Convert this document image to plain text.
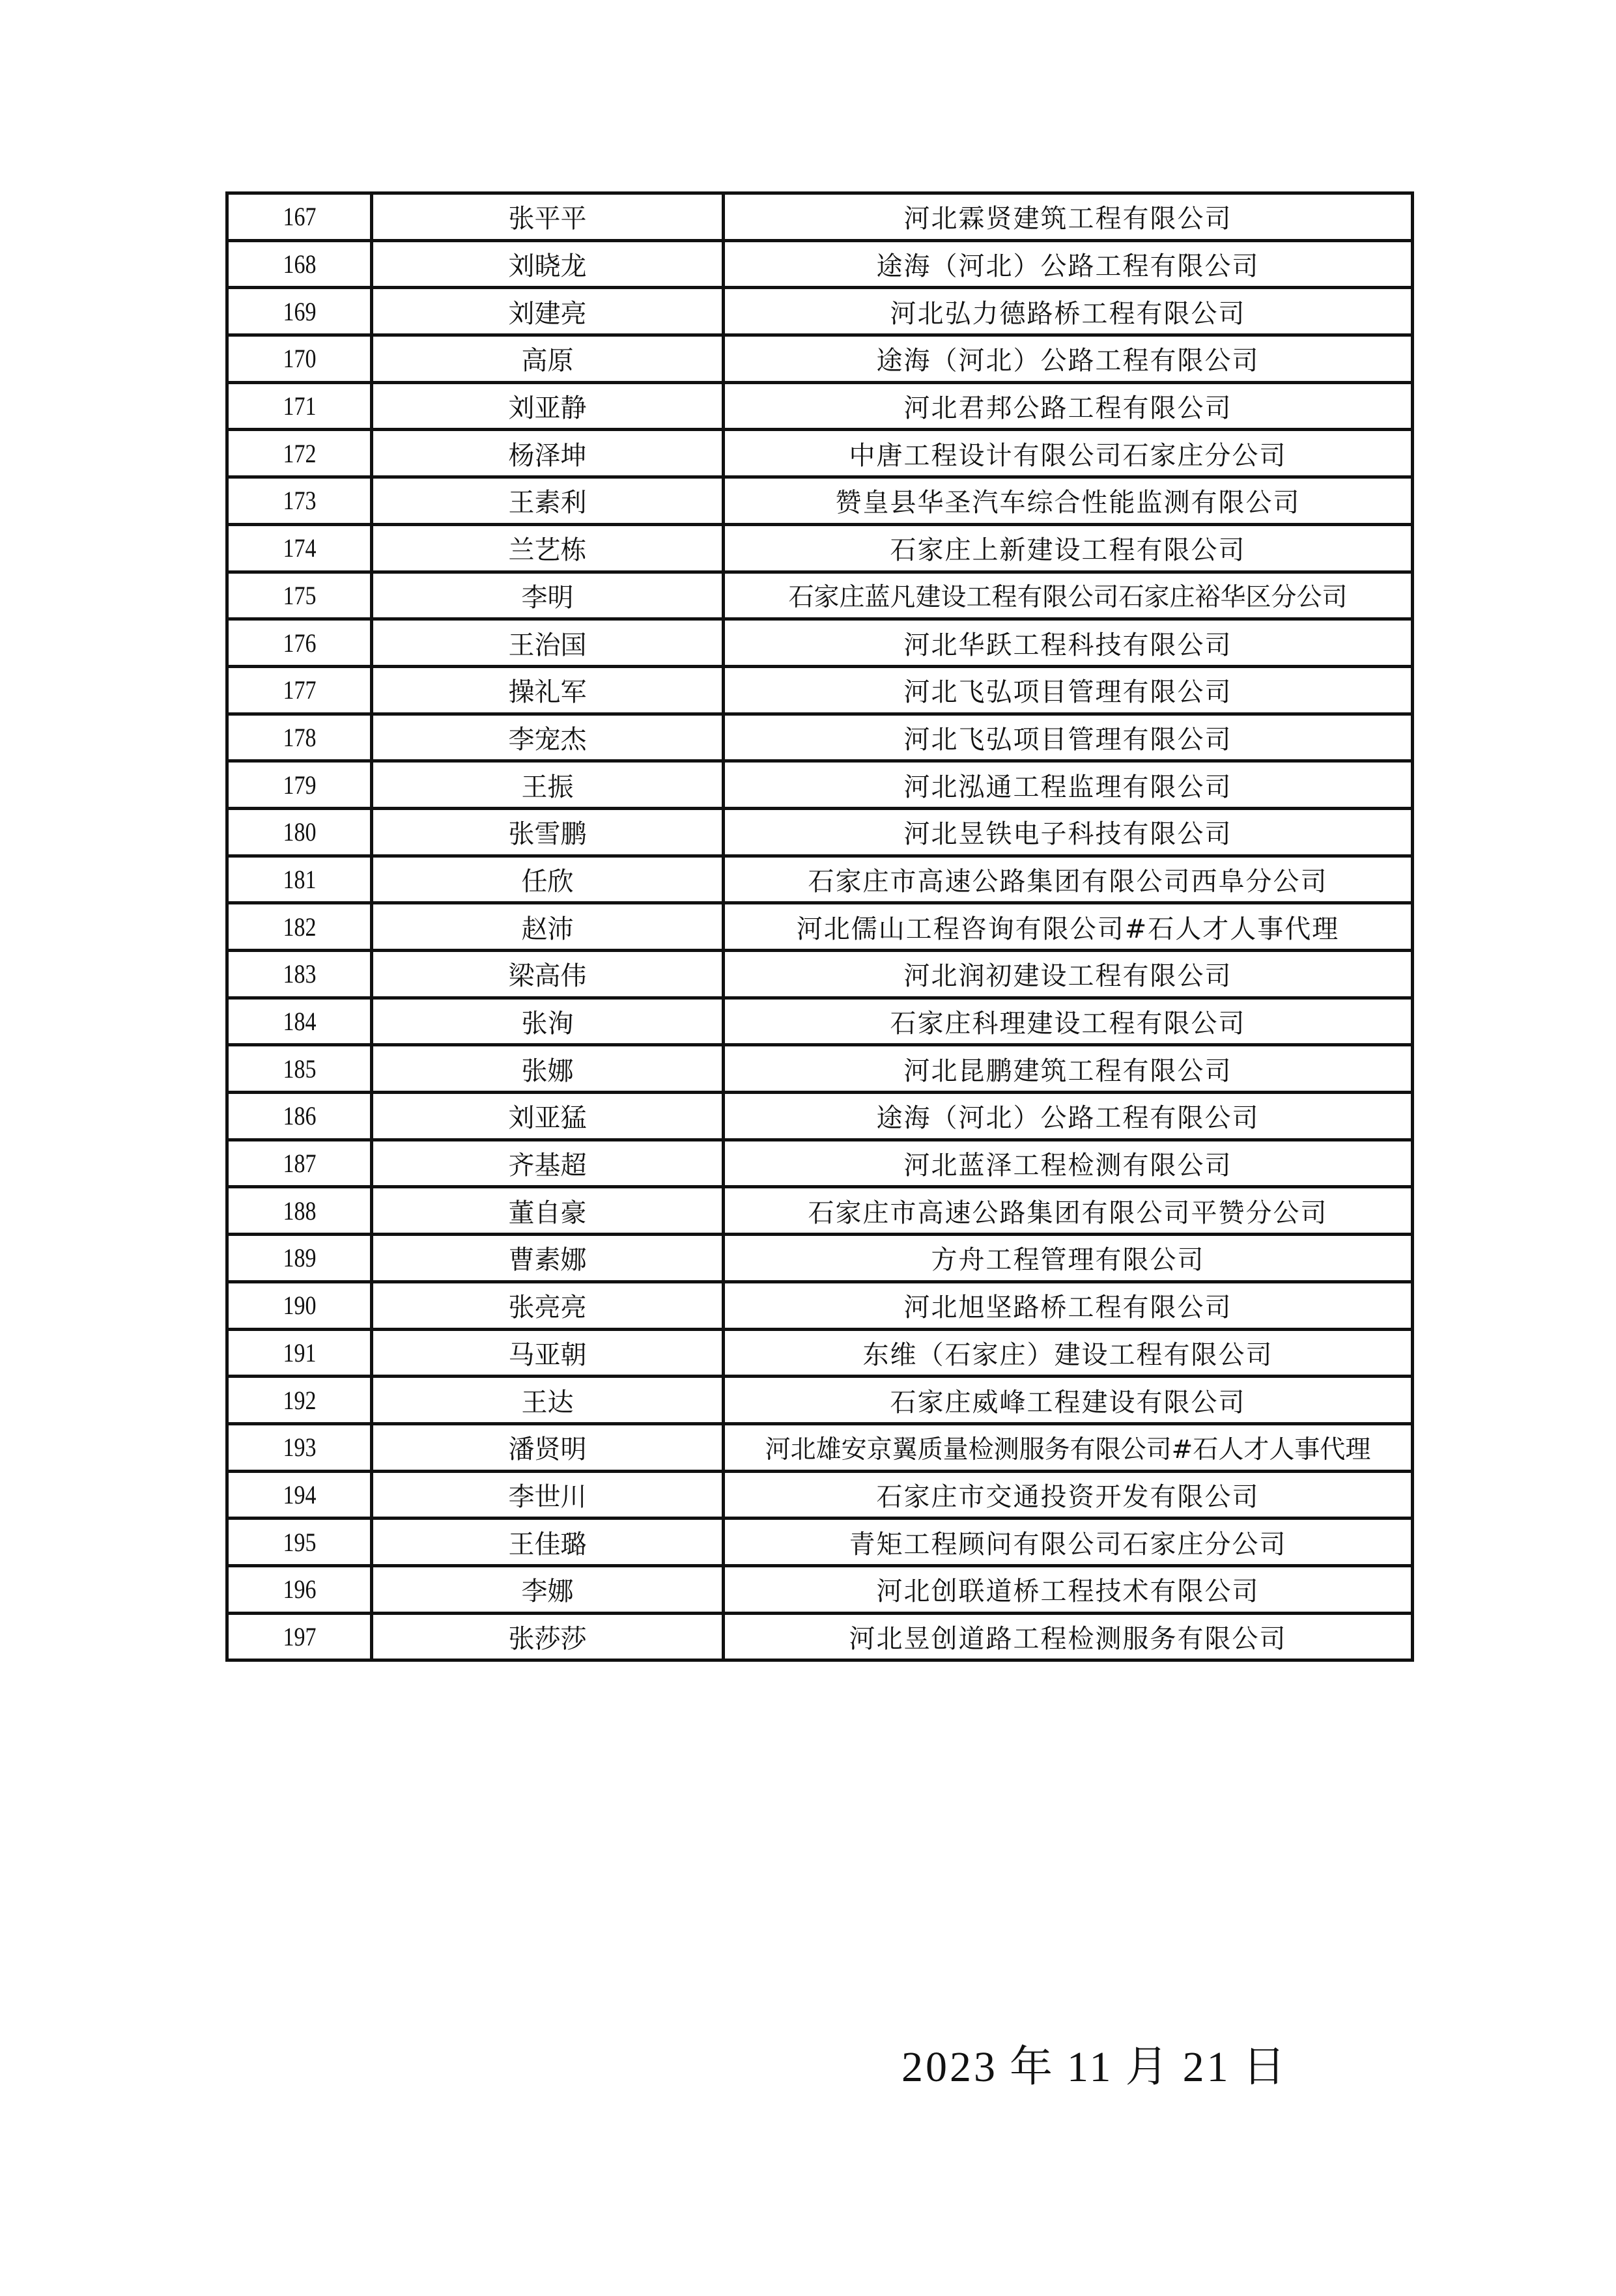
167	张平平	河北霖贤建筑工程有限公司
168	刘晓龙	途海（河北）公路工程有限公司
169	刘建亮	河北弘力德路桥工程有限公司
170	高原	途海（河北）公路工程有限公司
171	刘亚静	河北君邦公路工程有限公司
172	杨泽坤	中唐工程设计有限公司石家庄分公司
173	王素利	赞皇县华圣汽车综合性能监测有限公司
174	兰艺栋	石家庄上新建设工程有限公司
175	李明	石家庄蓝凡建设工程有限公司石家庄裕华区分公司
176	王治国	河北华跃工程科技有限公司
177	操礼军	河北飞弘项目管理有限公司
178	李宠杰	河北飞弘项目管理有限公司
179	王振	河北泓通工程监理有限公司
180	张雪鹏	河北昱铁电子科技有限公司
181	任欣	石家庄市高速公路集团有限公司西阜分公司
182	赵沛	河北儒山工程咨询有限公司#石人才人事代理
183	梁高伟	河北润初建设工程有限公司
184	张洵	石家庄科理建设工程有限公司
185	张娜	河北昆鹏建筑工程有限公司
186	刘亚猛	途海（河北）公路工程有限公司
187	齐基超	河北蓝泽工程检测有限公司
188	董自豪	石家庄市高速公路集团有限公司平赞分公司
189	曹素娜	方舟工程管理有限公司
190	张亮亮	河北旭坚路桥工程有限公司
191	马亚朝	东维（石家庄）建设工程有限公司
192	王达	石家庄威峰工程建设有限公司
193	潘贤明	河北雄安京翼质量检测服务有限公司#石人才人事代理
194	李世川	石家庄市交通投资开发有限公司
195	王佳璐	青矩工程顾问有限公司石家庄分公司
196	李娜	河北创联道桥工程技术有限公司
197	张莎莎	河北昱创道路工程检测服务有限公司
2023 年 11 月 21 日
